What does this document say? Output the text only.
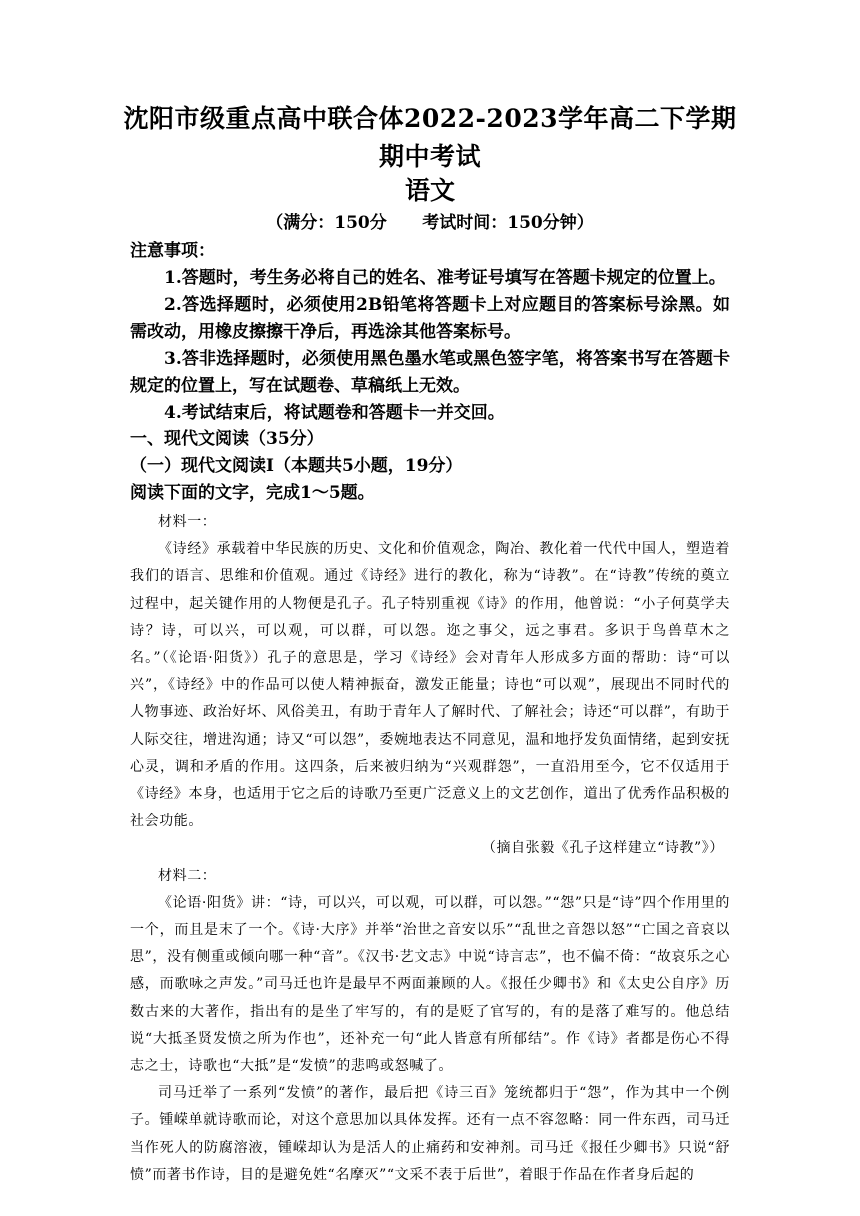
沈阳市级重点高中联合体2022-2023学年高二下学期期中考试
语文
（满分：150分      考试时间：150分钟）

注意事项：

1.答题时，考生务必将自己的姓名、准考证号填写在答题卡规定的位置上。

2.答选择题时，必须使用2B铅笔将答题卡上对应题目的答案标号涂黑。如需改动，用橡皮擦擦干净后，再选涂其他答案标号。

3.答非选择题时，必须使用黑色墨水笔或黑色签字笔，将答案书写在答题卡规定的位置上，写在试题卷、草稿纸上无效。

4.考试结束后，将试题卷和答题卡一并交回。

一、现代文阅读（35分）

（一）现代文阅读Ⅰ（本题共5小题，19分）

阅读下面的文字，完成1～5题。

材料一：

《诗经》承载着中华民族的历史、文化和价值观念，陶冶、教化着一代代中国人，塑造着我们的语言、思维和价值观。通过《诗经》进行的教化，称为“诗教”。在“诗教”传统的奠立过程中，起关键作用的人物便是孔子。孔子特别重视《诗》的作用，他曾说：“小子何莫学夫诗？诗，可以兴，可以观，可以群，可以怨。迩之事父，远之事君。多识于鸟兽草木之名。”（《论语·阳货》）孔子的意思是，学习《诗经》会对青年人形成多方面的帮助：诗“可以兴”，《诗经》中的作品可以使人精神振奋，激发正能量；诗也“可以观”，展现出不同时代的人物事迹、政治好坏、风俗美丑，有助于青年人了解时代、了解社会；诗还“可以群”，有助于人际交往，增进沟通；诗又“可以怨”，委婉地表达不同意见，温和地抒发负面情绪，起到安抚心灵，调和矛盾的作用。这四条，后来被归纳为“兴观群怨”，一直沿用至今，它不仅适用于《诗经》本身，也适用于它之后的诗歌乃至更广泛意义上的文艺创作，道出了优秀作品积极的社会功能。

（摘自张毅《孔子这样建立“诗教”》）

材料二：

《论语·阳货》讲：“诗，可以兴，可以观，可以群，可以怨。”“怨”只是“诗”四个作用里的一个，而且是末了一个。《诗·大序》并举“治世之音安以乐”“乱世之音怨以怒”“亡国之音哀以思”，没有侧重或倾向哪一种“音”。《汉书·艺文志》中说“诗言志”，也不偏不倚：“故哀乐之心感，而歌咏之声发。”司马迁也许是最早不两面兼顾的人。《报任少卿书》和《太史公自序》历数古来的大著作，指出有的是坐了牢写的，有的是贬了官写的，有的是落了难写的。他总结说“大抵圣贤发愤之所为作也”，还补充一句“此人皆意有所郁结”。作《诗》者都是伤心不得志之士，诗歌也“大抵”是“发愤”的悲鸣或怒喊了。

司马迁举了一系列“发愤”的著作，最后把《诗三百》笼统都归于“怨”，作为其中一个例子。锺嵘单就诗歌而论，对这个意思加以具体发挥。还有一点不容忽略：同一件东西，司马迁当作死人的防腐溶液，锺嵘却认为是活人的止痛药和安神剂。司马迁《报任少卿书》只说“舒愤”而著书作诗，目的是避免姓“名摩灭”“文采不表于后世”，着眼于作品在作者身后起的
